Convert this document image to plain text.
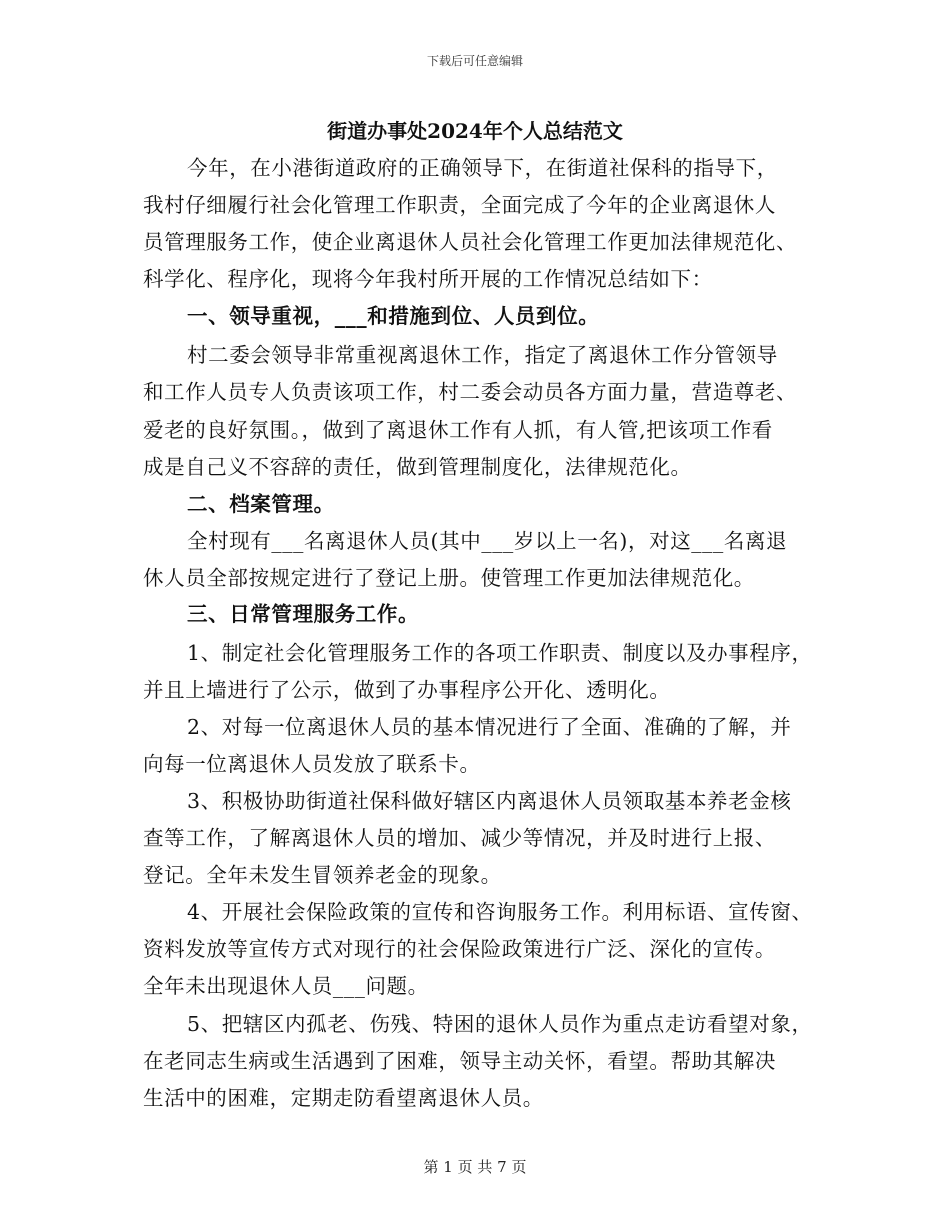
下载后可任意编辑
街道办事处2024年个人总结范文
今年，在小港街道政府的正确领导下，在街道社保科的指导下，
我村仔细履行社会化管理工作职责，全面完成了今年的企业离退休人
员管理服务工作，使企业离退休人员社会化管理工作更加法律规范化、
科学化、程序化，现将今年我村所开展的工作情况总结如下：
一、领导重视，___和措施到位、人员到位。
村二委会领导非常重视离退休工作，指定了离退休工作分管领导
和工作人员专人负责该项工作，村二委会动员各方面力量，营造尊老、
爱老的良好氛围。，做到了离退休工作有人抓，有人管,把该项工作看
成是自己义不容辞的责任，做到管理制度化，法律规范化。
二、档案管理。
全村现有___名离退休人员(其中___岁以上一名)，对这___名离退
休人员全部按规定进行了登记上册。使管理工作更加法律规范化。
三、日常管理服务工作。
1、制定社会化管理服务工作的各项工作职责、制度以及办事程序，
并且上墙进行了公示，做到了办事程序公开化、透明化。
2、对每一位离退休人员的基本情况进行了全面、准确的了解，并
向每一位离退休人员发放了联系卡。
3、积极协助街道社保科做好辖区内离退休人员领取基本养老金核
查等工作，了解离退休人员的增加、减少等情况，并及时进行上报、
登记。全年未发生冒领养老金的现象。
4、开展社会保险政策的宣传和咨询服务工作。利用标语、宣传窗、
资料发放等宣传方式对现行的社会保险政策进行广泛、深化的宣传。
全年未出现退休人员___问题。
5、把辖区内孤老、伤残、特困的退休人员作为重点走访看望对象，
在老同志生病或生活遇到了困难，领导主动关怀，看望。帮助其解决
生活中的困难，定期走防看望离退休人员。
第 1 页 共 7 页
